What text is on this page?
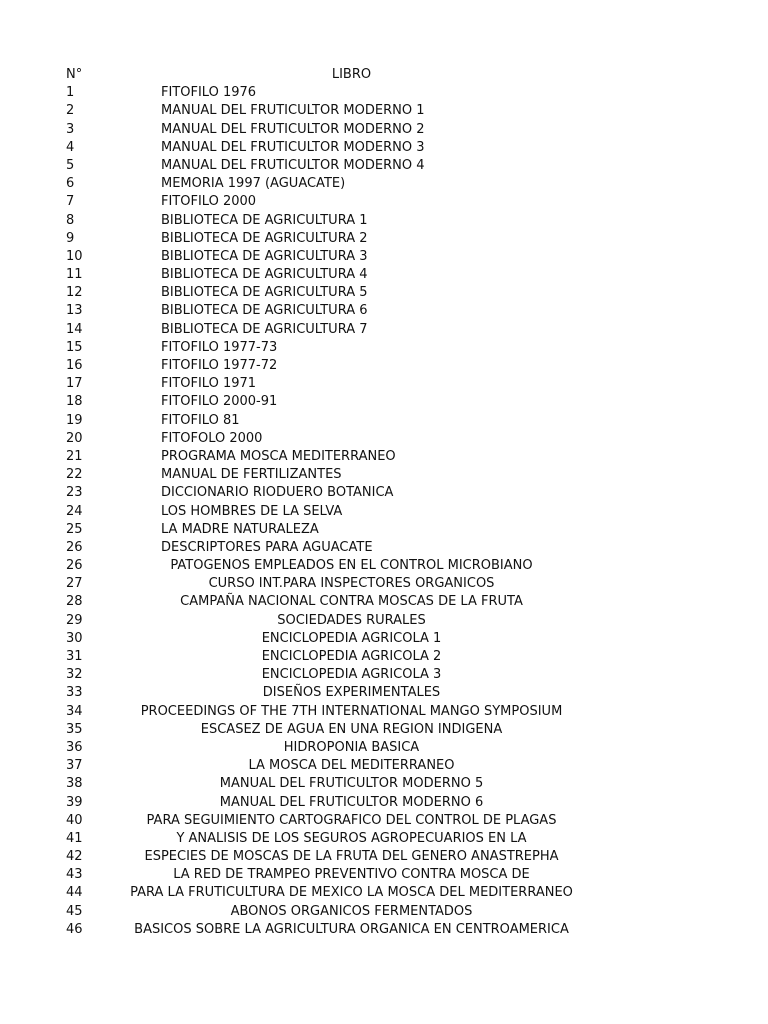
N°	LIBRO
1	FITOFILO 1976
2	MANUAL DEL FRUTICULTOR MODERNO 1
3	MANUAL DEL FRUTICULTOR MODERNO 2
4	MANUAL DEL FRUTICULTOR MODERNO 3
5	MANUAL DEL FRUTICULTOR MODERNO 4
6	MEMORIA 1997 (AGUACATE)
7	FITOFILO 2000
8	BIBLIOTECA DE AGRICULTURA 1
9	BIBLIOTECA DE AGRICULTURA 2
10	BIBLIOTECA DE AGRICULTURA 3
11	BIBLIOTECA DE AGRICULTURA 4
12	BIBLIOTECA DE AGRICULTURA 5
13	BIBLIOTECA DE AGRICULTURA 6
14	BIBLIOTECA DE AGRICULTURA 7
15	FITOFILO 1977-73
16	FITOFILO 1977-72
17	FITOFILO 1971
18	FITOFILO 2000-91
19	FITOFILO 81
20	FITOFOLO 2000
21	PROGRAMA MOSCA MEDITERRANEO
22	MANUAL DE FERTILIZANTES
23	DICCIONARIO RIODUERO BOTANICA
24	LOS HOMBRES DE LA SELVA
25	LA MADRE NATURALEZA
26	DESCRIPTORES PARA AGUACATE
26	PATOGENOS EMPLEADOS EN EL CONTROL MICROBIANO
27	CURSO INT.PARA INSPECTORES ORGANICOS
28	CAMPAÑA NACIONAL CONTRA MOSCAS DE LA FRUTA
29	SOCIEDADES RURALES
30	ENCICLOPEDIA AGRICOLA 1
31	ENCICLOPEDIA AGRICOLA 2
32	ENCICLOPEDIA AGRICOLA 3
33	DISEÑOS EXPERIMENTALES
34	PROCEEDINGS OF THE 7TH INTERNATIONAL MANGO SYMPOSIUM
35	ESCASEZ DE AGUA EN UNA REGION INDIGENA
36	HIDROPONIA BASICA
37	LA MOSCA DEL MEDITERRANEO
38	MANUAL DEL FRUTICULTOR MODERNO 5
39	MANUAL DEL FRUTICULTOR MODERNO 6
40	PARA SEGUIMIENTO CARTOGRAFICO DEL CONTROL DE PLAGAS
41	Y ANALISIS DE LOS SEGUROS AGROPECUARIOS EN LA
42	ESPECIES DE MOSCAS DE LA FRUTA DEL GENERO ANASTREPHA
43	LA RED DE TRAMPEO PREVENTIVO CONTRA MOSCA DE
44	PARA LA FRUTICULTURA DE MEXICO LA MOSCA DEL MEDITERRANEO
45	ABONOS ORGANICOS FERMENTADOS
46	BASICOS SOBRE LA AGRICULTURA ORGANICA EN CENTROAMERICA
